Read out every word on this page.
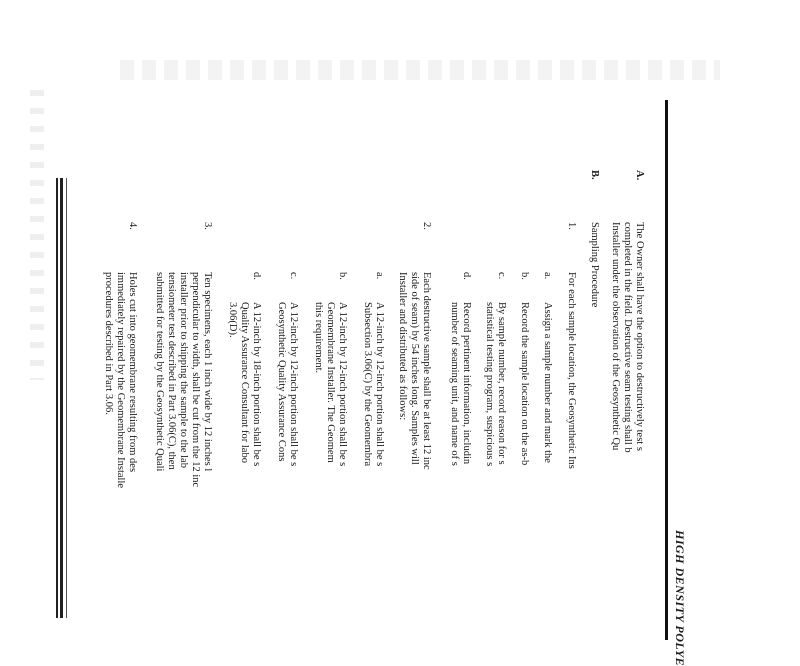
HIGH DENSITY POLYE
A.
The Owner shall have the option to destructively test s
completed in the field. Destructive seam testing shall b
Installer under the observation of the Geosynthetic Qu
B.
Sampling Procedure
1.
For each sample location, the Geosynthetic Ins
a.
Assign a sample number and mark the
b.
Record the sample location on the as-b
c.
By sample number, record reason for s
statistical testing program, suspicious s
d.
Record pertinent information, includin
number of seaming unit, and name of s
2.
Each destructive sample shall be at least 12 inc
side of seam) by 54 inches long. Samples will
Installer and distributed as follows:
a.
A 12-inch by 12-inch portion shall be s
Subsection 3.06(C) by the Geomembra
b.
A 12-inch by 12-inch portion shall be s
Geomembrane Installer. The Geomem
this requirement.
c.
A 12-inch by 12-inch portion shall be s
Geosynthetic Quality Assurance Cons
d.
A 12-inch by 18-inch portion shall be s
Quality Assurance Consultant for labo
3.06(D).
3.
Ten specimens, each 1 inch wide by 12 inches l
perpendicular to width, shall be cut from the 12 inc
installer prior to shipping the sample to the lab
tensiometer test described in Part 3.06(C), then
submitted for testing by the Geosynthetic Quali
4.
Holes cut into geomembrane resulting from des
immediately repaired by the Geomembrane Installe
procedures described in Part 3.06.
